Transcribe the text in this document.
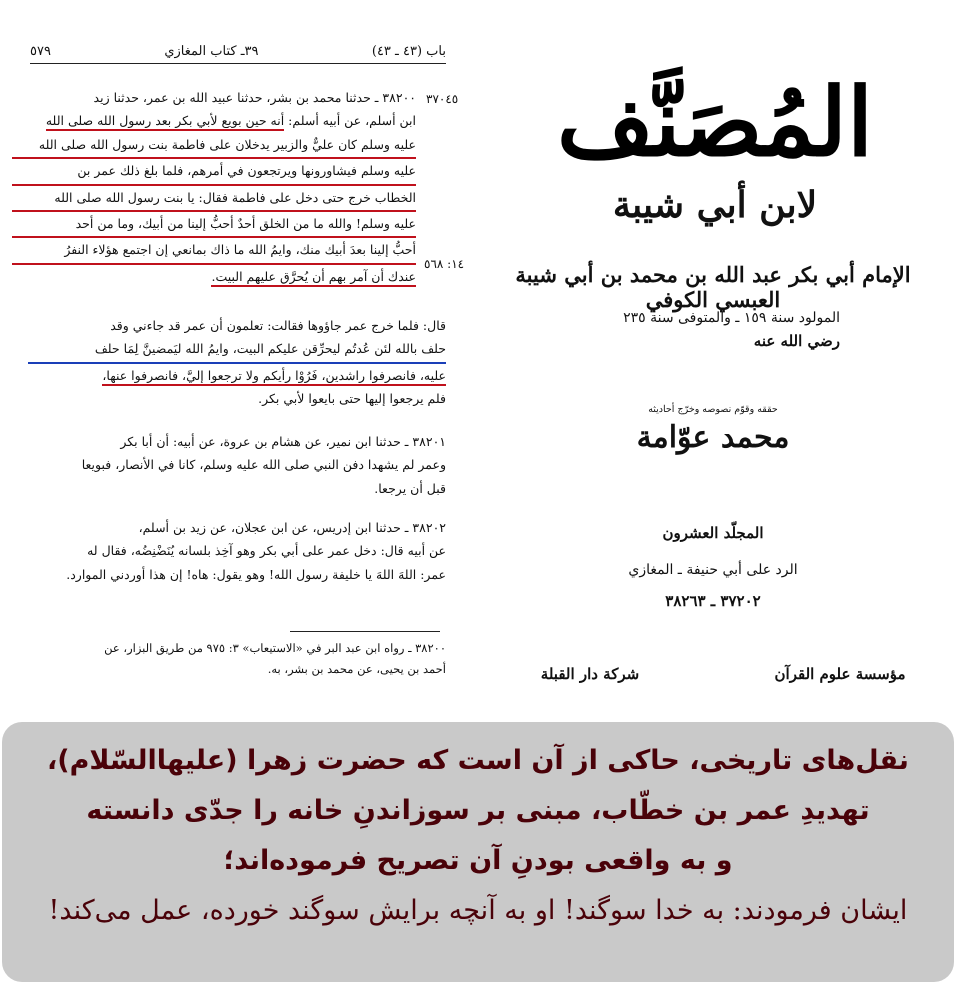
باب (٤٣ ـ ٤٣)
٣٩ـ كتاب المغازي
٥٧٩
٣٧٠٤٥
١٤: ٥٦٨
٣٨٢٠٠ ـ حدثنا محمد بن بشر، حدثنا عبيد الله بن عمر، حدثنا زيد
ابن أسلم، عن أبيه أسلم: أنه حين بويع لأبي بكر بعد رسول الله صلى الله
عليه وسلم كان عليٌّ والزبير يدخلان على فاطمة بنت رسول الله صلى الله
عليه وسلم فيشاورونها ويرتجعون في أمرهم، فلما بلغ ذلك عمر بن
الخطاب خرج حتى دخل على فاطمة فقال: يا بنت رسول الله صلى الله
عليه وسلم! والله ما من الخلق أحدٌ أحبُّ إلينا من أبيك، وما من أحد
أحبُّ إلينا بعدَ أبيك منك، وايمُ الله ما ذاك بمانعي إن اجتمع هؤلاء النفرُ
عندك أن آمر بهم أن يُحرَّق عليهم البيت.
قال: فلما خرج عمر جاؤوها فقالت: تعلمون أن عمر قد جاءني وقد
حلف بالله لئن عُدتُم ليحرِّقن عليكم البيت، وايمُ الله ليَمضينَّ لِمَا حلف
عليه، فانصرفوا راشدين، فَرُوْا رأيكم ولا ترجعوا إليَّ، فانصرفوا عنها،
فلم يرجعوا إليها حتى بايعوا لأبي بكر.
٣٨٢٠١ ـ حدثنا ابن نمير، عن هشام بن عروة، عن أبيه: أن أبا بكر
وعمر لم يشهدا دفن النبي صلى الله عليه وسلم، كانا في الأنصار، فبويعا
قبل أن يرجعا.
٣٨٢٠٢ ـ حدثنا ابن إدريس، عن ابن عجلان، عن زيد بن أسلم،
عن أبيه قال: دخل عمر على أبي بكر وهو آخِذ بلسانه يُنَضْنِضُه، فقال له
عمر: اللهَ اللهَ يا خليفة رسول الله! وهو يقول: هاه! إن هذا أوردني الموارد.
٣٨٢٠٠ ـ رواه ابن عبد البر في «الاستيعاب» ٣: ٩٧٥ من طريق البزار، عن
أحمد بن يحيى، عن محمد بن بشر، به.
المُصَنَّف
لابن أبي شيبة
الإمام أبي بكر عبد الله بن محمد بن أبي شيبة العبسي الكوفي
المولود سنة ١٥٩ ـ والمتوفى سنة ٢٣٥
رضي الله عنه
حققه وقوّم نصوصه وخرّج أحاديثه
محمد عوّامة
المجلّد العشرون
الرد على أبي حنيفة ـ المغازي
٣٧٢٠٢ ـ ٣٨٢٦٣
مؤسسة علوم القرآن
شركة دار القبلة

نقل‌های تاریخی، حاکی از آن است که حضرت زهرا (علیهاالسّلام)،

تهدیدِ عمر بن خطّاب، مبنی بر سوزاندنِ خانه را جدّی دانسته

و به واقعی بودنِ آن تصریح فرموده‌اند؛

ایشان فرمودند: به خدا سوگند! او به آنچه برایش سوگند خورده، عمل می‌کند!
